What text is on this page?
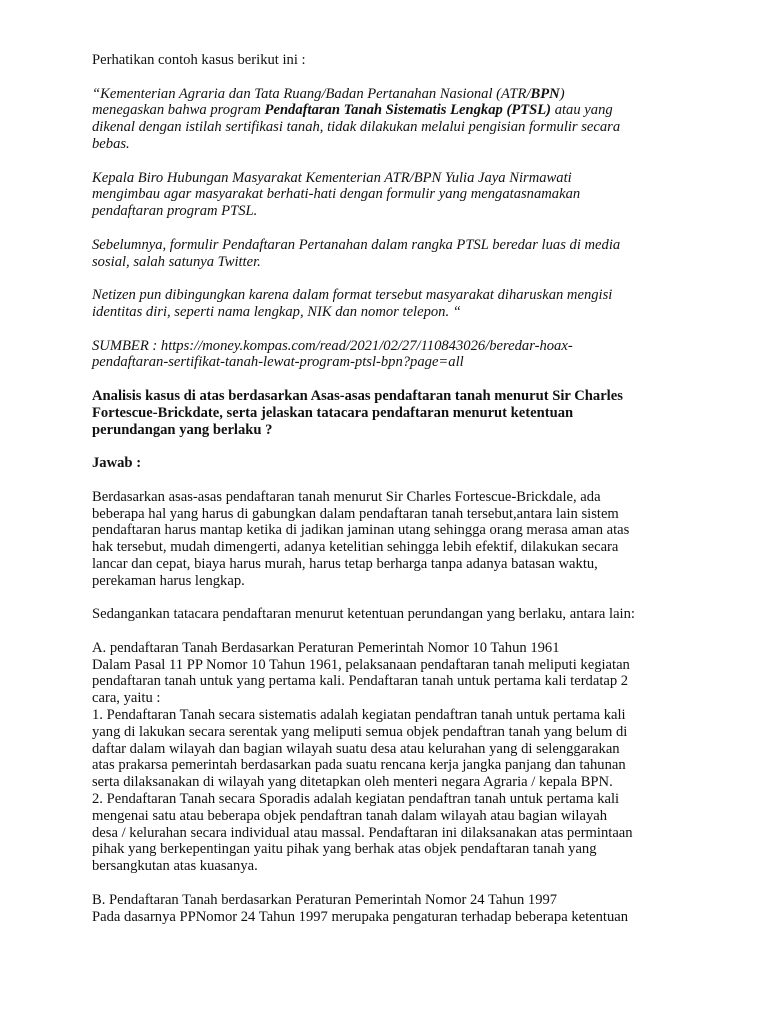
Perhatikan contoh kasus berikut ini :

“Kementerian Agraria dan Tata Ruang/Badan Pertanahan Nasional (ATR/BPN)
menegaskan bahwa program Pendaftaran Tanah Sistematis Lengkap (PTSL) atau yang
dikenal dengan istilah sertifikasi tanah, tidak dilakukan melalui pengisian formulir secara
bebas.

Kepala Biro Hubungan Masyarakat Kementerian ATR/BPN Yulia Jaya Nirmawati
mengimbau agar masyarakat berhati-hati dengan formulir yang mengatasnamakan
pendaftaran program PTSL.

Sebelumnya, formulir Pendaftaran Pertanahan dalam rangka PTSL beredar luas di media
sosial, salah satunya Twitter.

Netizen pun dibingungkan karena dalam format tersebut masyarakat diharuskan mengisi
identitas diri, seperti nama lengkap, NIK dan nomor telepon. “

SUMBER : https://money.kompas.com/read/2021/02/27/110843026/beredar-hoax-
pendaftaran-sertifikat-tanah-lewat-program-ptsl-bpn?page=all

Analisis kasus di atas berdasarkan Asas-asas pendaftaran tanah menurut Sir Charles
Fortescue-Brickdate, serta jelaskan tatacara pendaftaran menurut ketentuan
perundangan yang berlaku ?

Jawab :

Berdasarkan asas-asas pendaftaran tanah menurut Sir Charles Fortescue-Brickdale, ada
beberapa hal yang harus di gabungkan dalam pendaftaran tanah tersebut,antara lain sistem
pendaftaran harus mantap ketika di jadikan jaminan utang sehingga orang merasa aman atas
hak tersebut, mudah dimengerti, adanya ketelitian sehingga lebih efektif, dilakukan secara
lancar dan cepat, biaya harus murah, harus tetap berharga tanpa adanya batasan waktu,
perekaman harus lengkap.

Sedangankan tatacara pendaftaran menurut ketentuan perundangan yang berlaku, antara lain:

A. pendaftaran Tanah Berdasarkan Peraturan Pemerintah Nomor 10 Tahun 1961
Dalam Pasal 11 PP Nomor 10 Tahun 1961, pelaksanaan pendaftaran tanah meliputi kegiatan
pendaftaran tanah untuk yang pertama kali. Pendaftaran tanah untuk pertama kali terdatap 2
cara, yaitu :
1. Pendaftaran Tanah secara sistematis adalah kegiatan pendaftran tanah untuk pertama kali
yang di lakukan secara serentak yang meliputi semua objek pendaftran tanah yang belum di
daftar dalam wilayah dan bagian wilayah suatu desa atau kelurahan yang di selenggarakan
atas prakarsa pemerintah berdasarkan pada suatu rencana kerja jangka panjang dan tahunan
serta dilaksanakan di wilayah yang ditetapkan oleh menteri negara Agraria / kepala BPN.
2. Pendaftaran Tanah secara Sporadis adalah kegiatan pendaftran tanah untuk pertama kali
mengenai satu atau beberapa objek pendaftran tanah dalam wilayah atau bagian wilayah
desa / kelurahan secara individual atau massal. Pendaftaran ini dilaksanakan atas permintaan
pihak yang berkepentingan yaitu pihak yang berhak atas objek pendaftaran tanah yang
bersangkutan atas kuasanya.

B. Pendaftaran Tanah berdasarkan Peraturan Pemerintah Nomor 24 Tahun 1997
Pada dasarnya PPNomor 24 Tahun 1997 merupaka pengaturan terhadap beberapa ketentuan
